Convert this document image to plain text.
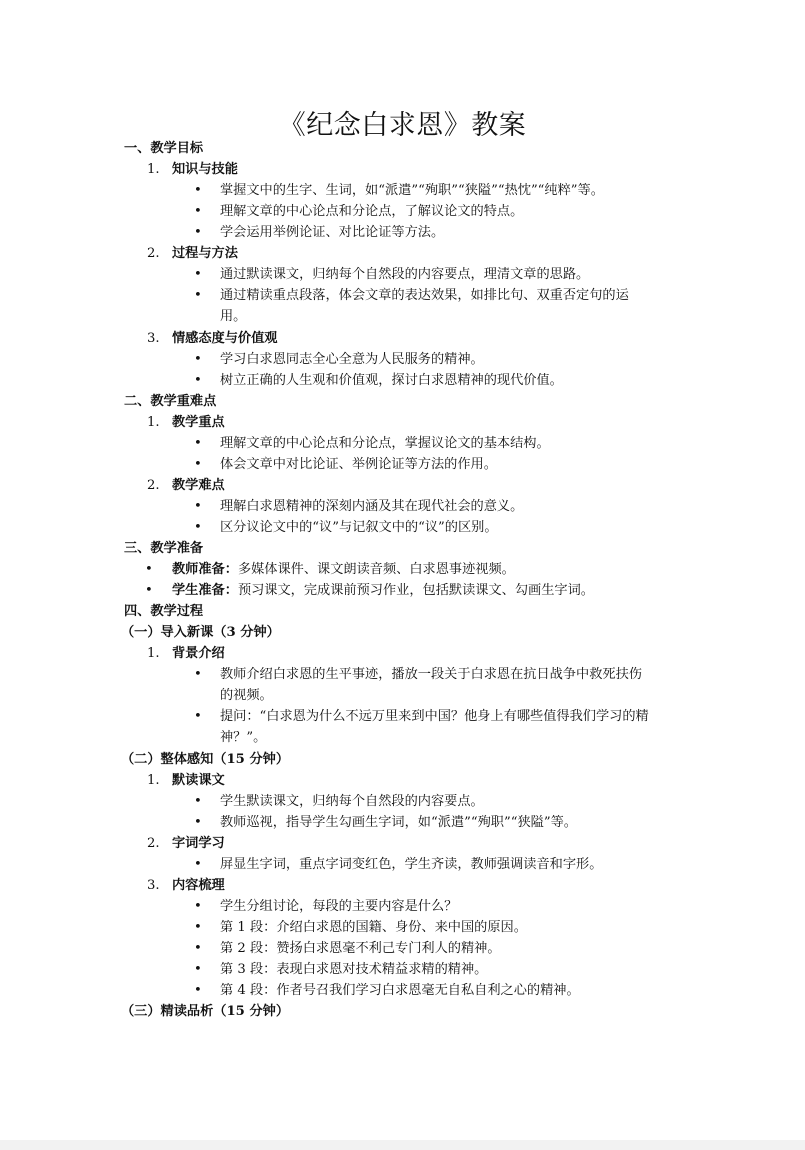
《纪念白求恩》教案
一、教学目标
1. 知识与技能
• 掌握文中的生字、生词，如“派遣”“殉职”“狭隘”“热忱”“纯粹”等。
• 理解文章的中心论点和分论点，了解议论文的特点。
• 学会运用举例论证、对比论证等方法。
2. 过程与方法
• 通过默读课文，归纳每个自然段的内容要点，理清文章的思路。
• 通过精读重点段落，体会文章的表达效果，如排比句、双重否定句的运
用。
3. 情感态度与价值观
• 学习白求恩同志全心全意为人民服务的精神。
• 树立正确的人生观和价值观，探讨白求恩精神的现代价值。
二、教学重难点
1. 教学重点
• 理解文章的中心论点和分论点，掌握议论文的基本结构。
• 体会文章中对比论证、举例论证等方法的作用。
2. 教学难点
• 理解白求恩精神的深刻内涵及其在现代社会的意义。
• 区分议论文中的“议”与记叙文中的“议”的区别。
三、教学准备
• 教师准备：多媒体课件、课文朗读音频、白求恩事迹视频。
• 学生准备：预习课文，完成课前预习作业，包括默读课文、勾画生字词。
四、教学过程
（一）导入新课（3 分钟）
1. 背景介绍
• 教师介绍白求恩的生平事迹，播放一段关于白求恩在抗日战争中救死扶伤
的视频。
• 提问：“白求恩为什么不远万里来到中国？他身上有哪些值得我们学习的精
神？”。
（二）整体感知（15 分钟）
1. 默读课文
• 学生默读课文，归纳每个自然段的内容要点。
• 教师巡视，指导学生勾画生字词，如“派遣”“殉职”“狭隘”等。
2. 字词学习
• 屏显生字词，重点字词变红色，学生齐读，教师强调读音和字形。
3. 内容梳理
• 学生分组讨论，每段的主要内容是什么？
• 第 1 段：介绍白求恩的国籍、身份、来中国的原因。
• 第 2 段：赞扬白求恩毫不利己专门利人的精神。
• 第 3 段：表现白求恩对技术精益求精的精神。
• 第 4 段：作者号召我们学习白求恩毫无自私自利之心的精神。
（三）精读品析（15 分钟）
